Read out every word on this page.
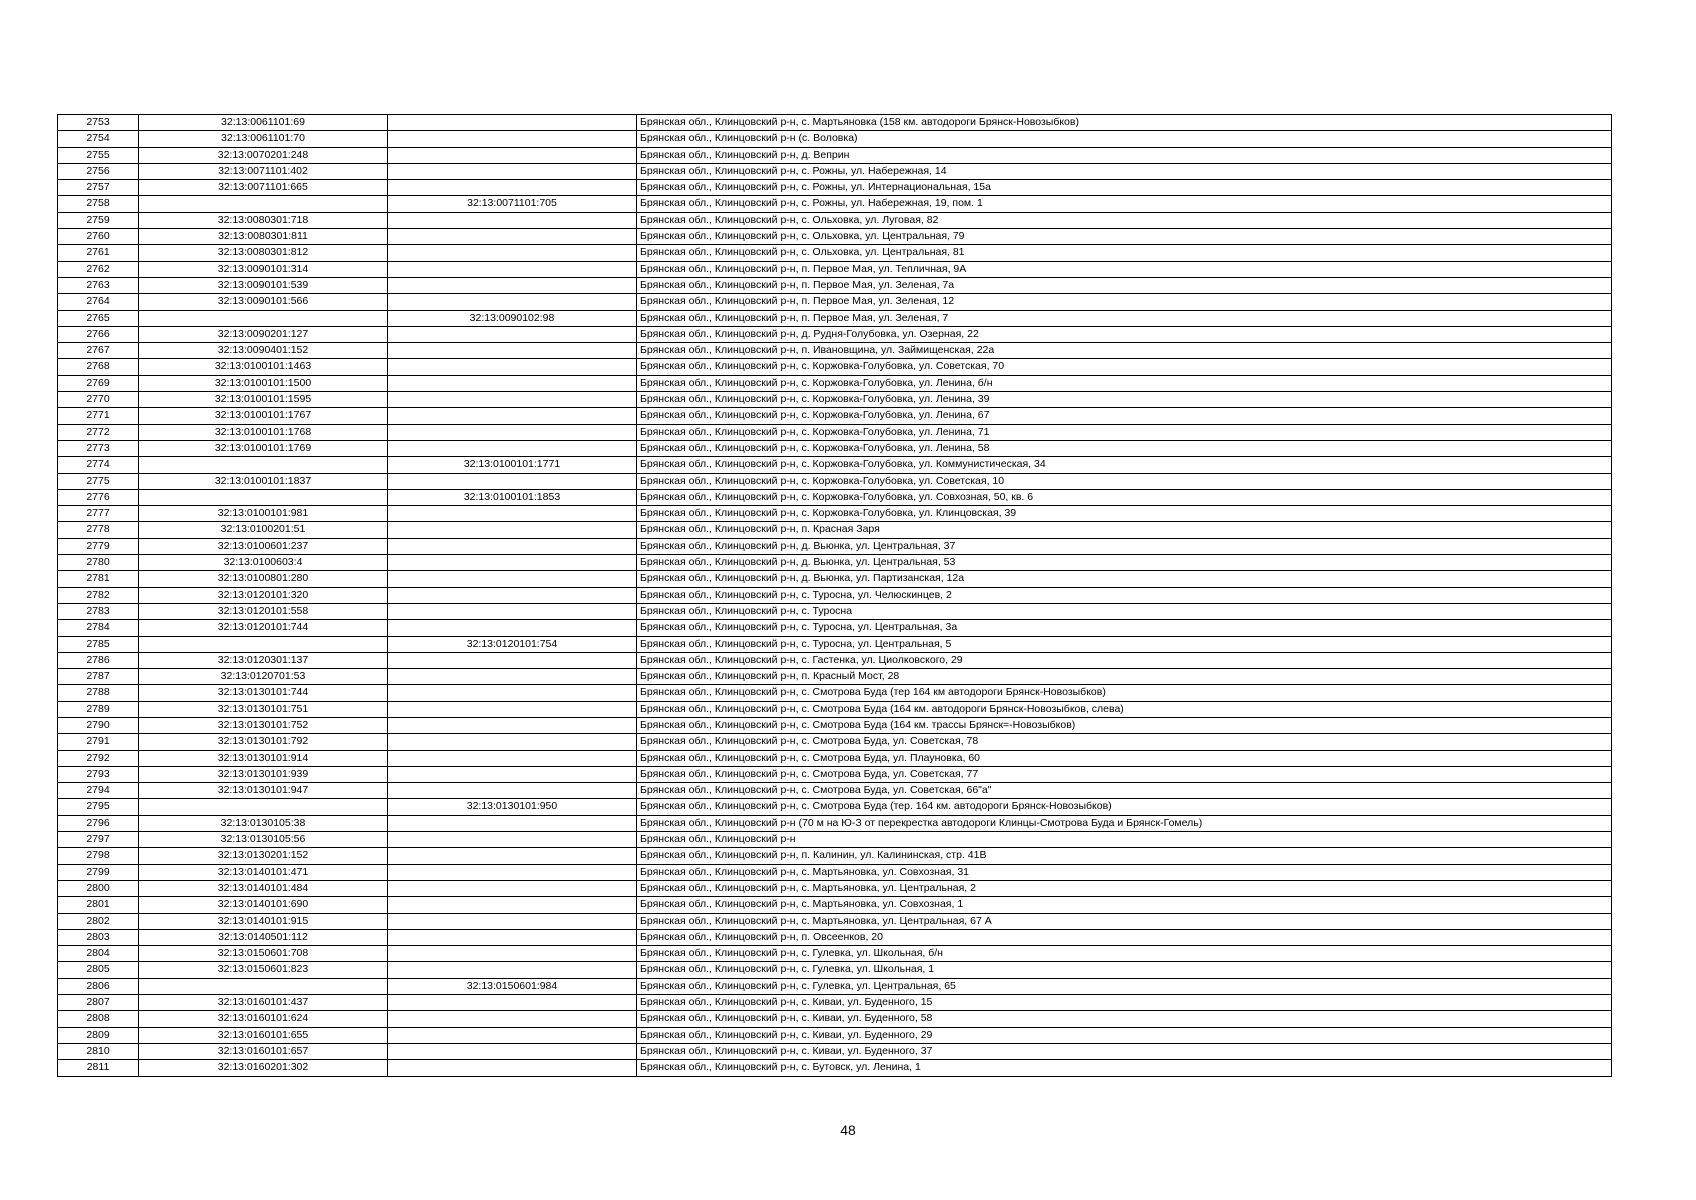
2753	32:13:0061101:69		Брянская обл., Клинцовский р-н, с. Мартьяновка (158 км. автодороги Брянск-Новозыбков)
2754	32:13:0061101:70		Брянская обл., Клинцовский р-н (с. Воловка)
2755	32:13:0070201:248		Брянская обл., Клинцовский р-н, д. Веприн
2756	32:13:0071101:402		Брянская обл., Клинцовский р-н, с. Рожны, ул. Набережная, 14
2757	32:13:0071101:665		Брянская обл., Клинцовский р-н, с. Рожны, ул. Интернациональная, 15а
2758		32:13:0071101:705	Брянская обл., Клинцовский р-н, с. Рожны, ул. Набережная, 19, пом. 1
2759	32:13:0080301:718		Брянская обл., Клинцовский р-н, с. Ольховка, ул. Луговая, 82
2760	32:13:0080301:811		Брянская обл., Клинцовский р-н, с. Ольховка, ул. Центральная, 79
2761	32:13:0080301:812		Брянская обл., Клинцовский р-н, с. Ольховка, ул. Центральная, 81
2762	32:13:0090101:314		Брянская обл., Клинцовский р-н, п. Первое Мая, ул. Тепличная, 9А
2763	32:13:0090101:539		Брянская обл., Клинцовский р-н, п. Первое Мая, ул. Зеленая, 7а
2764	32:13:0090101:566		Брянская обл., Клинцовский р-н, п. Первое Мая, ул. Зеленая, 12
2765		32:13:0090102:98	Брянская обл., Клинцовский р-н, п. Первое Мая, ул. Зеленая, 7
2766	32:13:0090201:127		Брянская обл., Клинцовский р-н, д. Рудня-Голубовка, ул. Озерная, 22
2767	32:13:0090401:152		Брянская обл., Клинцовский р-н, п. Ивановщина, ул. Займищенская, 22а
2768	32:13:0100101:1463		Брянская обл., Клинцовский р-н, с. Коржовка-Голубовка, ул. Советская, 70
2769	32:13:0100101:1500		Брянская обл., Клинцовский р-н, с. Коржовка-Голубовка, ул. Ленина, б/н
2770	32:13:0100101:1595		Брянская обл., Клинцовский р-н, с. Коржовка-Голубовка, ул. Ленина, 39
2771	32:13:0100101:1767		Брянская обл., Клинцовский р-н, с. Коржовка-Голубовка, ул. Ленина, 67
2772	32:13:0100101:1768		Брянская обл., Клинцовский р-н, с. Коржовка-Голубовка, ул. Ленина, 71
2773	32:13:0100101:1769		Брянская обл., Клинцовский р-н, с. Коржовка-Голубовка, ул. Ленина, 58
2774		32:13:0100101:1771	Брянская обл., Клинцовский р-н, с. Коржовка-Голубовка, ул. Коммунистическая, 34
2775	32:13:0100101:1837		Брянская обл., Клинцовский р-н, с. Коржовка-Голубовка, ул. Советская, 10
2776		32:13:0100101:1853	Брянская обл., Клинцовский р-н, с. Коржовка-Голубовка, ул. Совхозная, 50, кв. 6
2777	32:13:0100101:981		Брянская обл., Клинцовский р-н, с. Коржовка-Голубовка, ул. Клинцовская, 39
2778	32:13:0100201:51		Брянская обл., Клинцовский р-н, п. Красная Заря
2779	32:13:0100601:237		Брянская обл., Клинцовский р-н, д. Вьюнка, ул. Центральная, 37
2780	32:13:0100603:4		Брянская обл., Клинцовский р-н, д. Вьюнка, ул. Центральная, 53
2781	32:13:0100801:280		Брянская обл., Клинцовский р-н, д. Вьюнка, ул. Партизанская, 12а
2782	32:13:0120101:320		Брянская обл., Клинцовский р-н, с. Туросна, ул. Челюскинцев, 2
2783	32:13:0120101:558		Брянская обл., Клинцовский р-н, с. Туросна
2784	32:13:0120101:744		Брянская обл., Клинцовский р-н, с. Туросна, ул. Центральная, 3а
2785		32:13:0120101:754	Брянская обл., Клинцовский р-н, с. Туросна, ул. Центральная, 5
2786	32:13:0120301:137		Брянская обл., Клинцовский р-н, с. Гастенка, ул. Циолковского, 29
2787	32:13:0120701:53		Брянская обл., Клинцовский р-н, п. Красный Мост, 28
2788	32:13:0130101:744		Брянская обл., Клинцовский р-н, с. Смотрова Буда (тер 164 км автодороги Брянск-Новозыбков)
2789	32:13:0130101:751		Брянская обл., Клинцовский р-н, с. Смотрова Буда (164 км. автодороги Брянск-Новозыбков, слева)
2790	32:13:0130101:752		Брянская обл., Клинцовский р-н, с. Смотрова Буда (164 км. трассы Брянск=-Новозыбков)
2791	32:13:0130101:792		Брянская обл., Клинцовский р-н, с. Смотрова Буда, ул. Советская, 78
2792	32:13:0130101:914		Брянская обл., Клинцовский р-н, с. Смотрова Буда, ул. Плауновка, 60
2793	32:13:0130101:939		Брянская обл., Клинцовский р-н, с. Смотрова Буда, ул. Советская, 77
2794	32:13:0130101:947		Брянская обл., Клинцовский р-н, с. Смотрова Буда, ул. Советская, 66"а"
2795		32:13:0130101:950	Брянская обл., Клинцовский р-н, с. Смотрова Буда (тер. 164 км. автодороги Брянск-Новозыбков)
2796	32:13:0130105:38		Брянская обл., Клинцовский р-н (70 м на Ю-З от перекрестка автодороги Клинцы-Смотрова Буда и Брянск-Гомель)
2797	32:13:0130105:56		Брянская обл., Клинцовский р-н
2798	32:13:0130201:152		Брянская обл., Клинцовский р-н, п. Калинин, ул. Калининская, стр. 41В
2799	32:13:0140101:471		Брянская обл., Клинцовский р-н, с. Мартьяновка, ул. Совхозная, 31
2800	32:13:0140101:484		Брянская обл., Клинцовский р-н, с. Мартьяновка, ул. Центральная, 2
2801	32:13:0140101:690		Брянская обл., Клинцовский р-н, с. Мартьяновка, ул. Совхозная, 1
2802	32:13:0140101:915		Брянская обл., Клинцовский р-н, с. Мартьяновка, ул. Центральная, 67 А
2803	32:13:0140501:112		Брянская обл., Клинцовский р-н, п. Овсеенков, 20
2804	32:13:0150601:708		Брянская обл., Клинцовский р-н, с. Гулевка, ул. Школьная, б/н
2805	32:13:0150601:823		Брянская обл., Клинцовский р-н, с. Гулевка, ул. Школьная, 1
2806		32:13:0150601:984	Брянская обл., Клинцовский р-н, с. Гулевка, ул. Центральная, 65
2807	32:13:0160101:437		Брянская обл., Клинцовский р-н, с. Киваи, ул. Буденного, 15
2808	32:13:0160101:624		Брянская обл., Клинцовский р-н, с. Киваи, ул. Буденного, 58
2809	32:13:0160101:655		Брянская обл., Клинцовский р-н, с. Киваи, ул. Буденного, 29
2810	32:13:0160101:657		Брянская обл., Клинцовский р-н, с. Киваи, ул. Буденного, 37
2811	32:13:0160201:302		Брянская обл., Клинцовский р-н, с. Бутовск, ул. Ленина, 1
48
